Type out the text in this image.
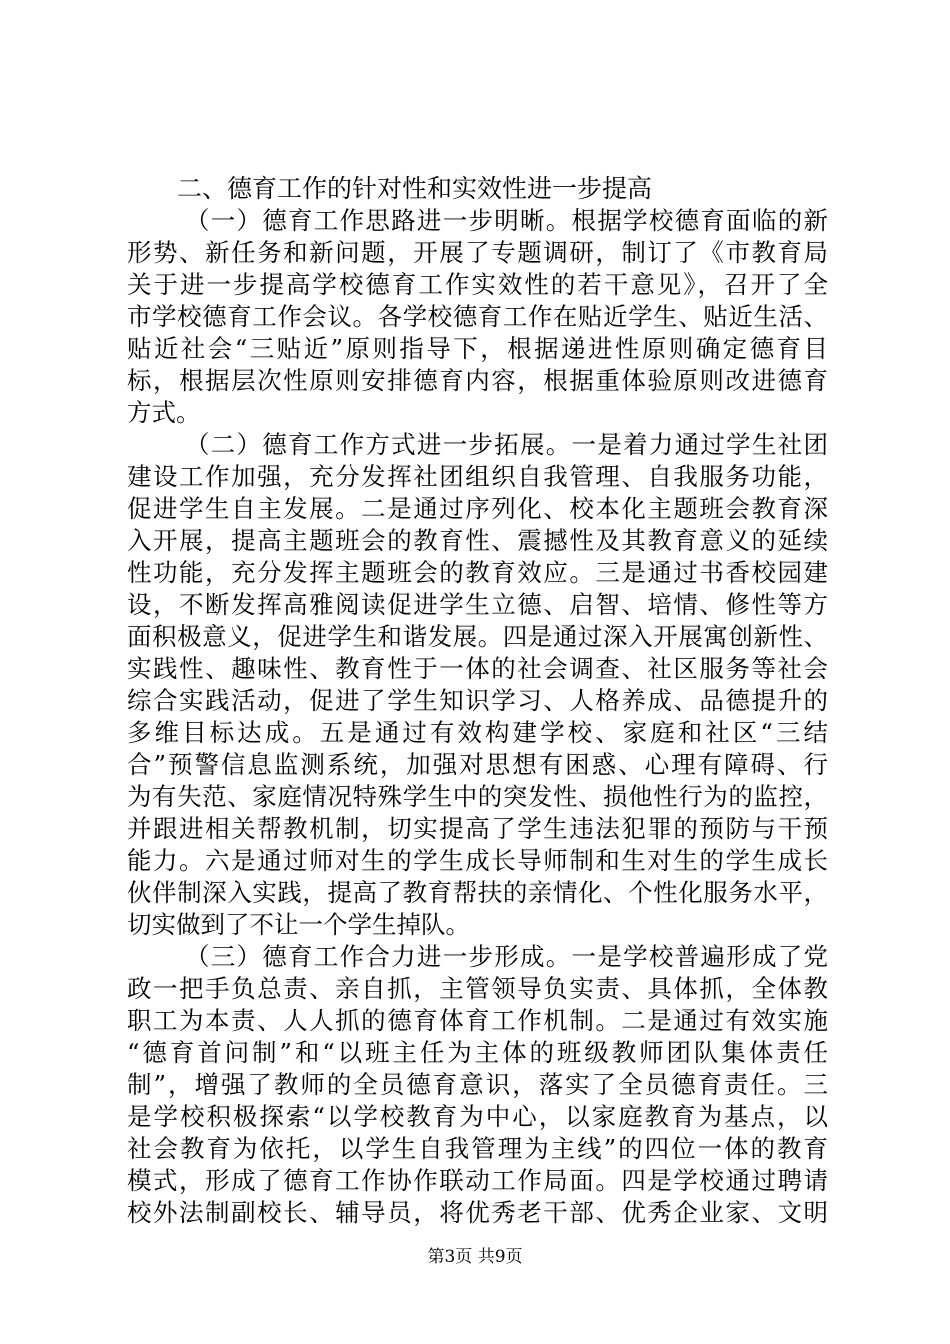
二、德育工作的针对性和实效性进一步提高

（一）德育工作思路进一步明晰。根据学校德育面临的新

形势、新任务和新问题，开展了专题调研，制订了《市教育局

关于进一步提高学校德育工作实效性的若干意见》，召开了全

市学校德育工作会议。各学校德育工作在贴近学生、贴近生活、

贴近社会“三贴近”原则指导下，根据递进性原则确定德育目

标，根据层次性原则安排德育内容，根据重体验原则改进德育

方式。

（二）德育工作方式进一步拓展。一是着力通过学生社团

建设工作加强，充分发挥社团组织自我管理、自我服务功能，

促进学生自主发展。二是通过序列化、校本化主题班会教育深

入开展，提高主题班会的教育性、震撼性及其教育意义的延续

性功能，充分发挥主题班会的教育效应。三是通过书香校园建

设，不断发挥高雅阅读促进学生立德、启智、培情、修性等方

面积极意义，促进学生和谐发展。四是通过深入开展寓创新性、

实践性、趣味性、教育性于一体的社会调查、社区服务等社会

综合实践活动，促进了学生知识学习、人格养成、品德提升的

多维目标达成。五是通过有效构建学校、家庭和社区“三结

合”预警信息监测系统，加强对思想有困惑、心理有障碍、行

为有失范、家庭情况特殊学生中的突发性、损他性行为的监控，

并跟进相关帮教机制，切实提高了学生违法犯罪的预防与干预

能力。六是通过师对生的学生成长导师制和生对生的学生成长

伙伴制深入实践，提高了教育帮扶的亲情化、个性化服务水平，

切实做到了不让一个学生掉队。

（三）德育工作合力进一步形成。一是学校普遍形成了党

政一把手负总责、亲自抓，主管领导负实责、具体抓，全体教

职工为本责、人人抓的德育体育工作机制。二是通过有效实施

“德育首问制”和“以班主任为主体的班级教师团队集体责任

制”，增强了教师的全员德育意识，落实了全员德育责任。三

是学校积极探索“以学校教育为中心，以家庭教育为基点，以

社会教育为依托，以学生自我管理为主线”的四位一体的教育

模式，形成了德育工作协作联动工作局面。四是学校通过聘请

校外法制副校长、辅导员，将优秀老干部、优秀企业家、文明

第3页 共9页
